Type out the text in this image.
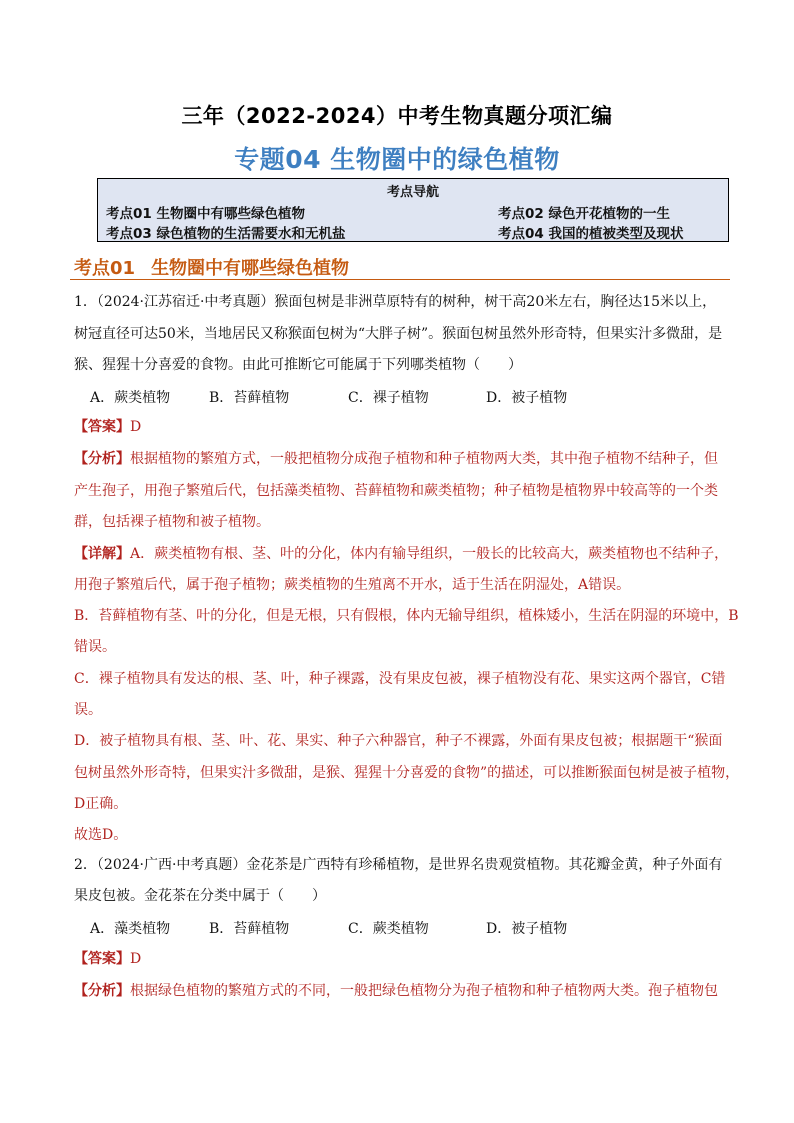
三年（2022-2024）中考生物真题分项汇编
专题04 生物圈中的绿色植物
考点导航
考点01 生物圈中有哪些绿色植物	考点02 绿色开花植物的一生
考点03 绿色植物的生活需要水和无机盐	考点04 我国的植被类型及现状
考点01 生物圈中有哪些绿色植物
1．（2024·江苏宿迁·中考真题）猴面包树是非洲草原特有的树种，树干高20米左右，胸径达15米以上，
树冠直径可达50米，当地居民又称猴面包树为“大胖子树”。猴面包树虽然外形奇特，但果实汁多微甜，是
猴、猩猩十分喜爱的食物。由此可推断它可能属于下列哪类植物（　　）
A．蕨类植物	B．苔藓植物	C．裸子植物	D．被子植物
【答案】D
【分析】根据植物的繁殖方式，一般把植物分成孢子植物和种子植物两大类，其中孢子植物不结种子，但
产生孢子，用孢子繁殖后代，包括藻类植物、苔藓植物和蕨类植物；种子植物是植物界中较高等的一个类
群，包括裸子植物和被子植物。
【详解】A．蕨类植物有根、茎、叶的分化，体内有输导组织，一般长的比较高大，蕨类植物也不结种子，
用孢子繁殖后代，属于孢子植物；蕨类植物的生殖离不开水，适于生活在阴湿处，A错误。
B．苔藓植物有茎、叶的分化，但是无根，只有假根，体内无输导组织，植株矮小，生活在阴湿的环境中，B
错误。
C．裸子植物具有发达的根、茎、叶，种子裸露，没有果皮包被，裸子植物没有花、果实这两个器官，C错
误。
D．被子植物具有根、茎、叶、花、果实、种子六种器官，种子不裸露，外面有果皮包被；根据题干“猴面
包树虽然外形奇特，但果实汁多微甜，是猴、猩猩十分喜爱的食物”的描述，可以推断猴面包树是被子植物，
D正确。
故选D。
2．（2024·广西·中考真题）金花茶是广西特有珍稀植物，是世界名贵观赏植物。其花瓣金黄，种子外面有
果皮包被。金花茶在分类中属于（　　）
A．藻类植物	B．苔藓植物	C．蕨类植物	D．被子植物
【答案】D
【分析】根据绿色植物的繁殖方式的不同，一般把绿色植物分为孢子植物和种子植物两大类。孢子植物包
